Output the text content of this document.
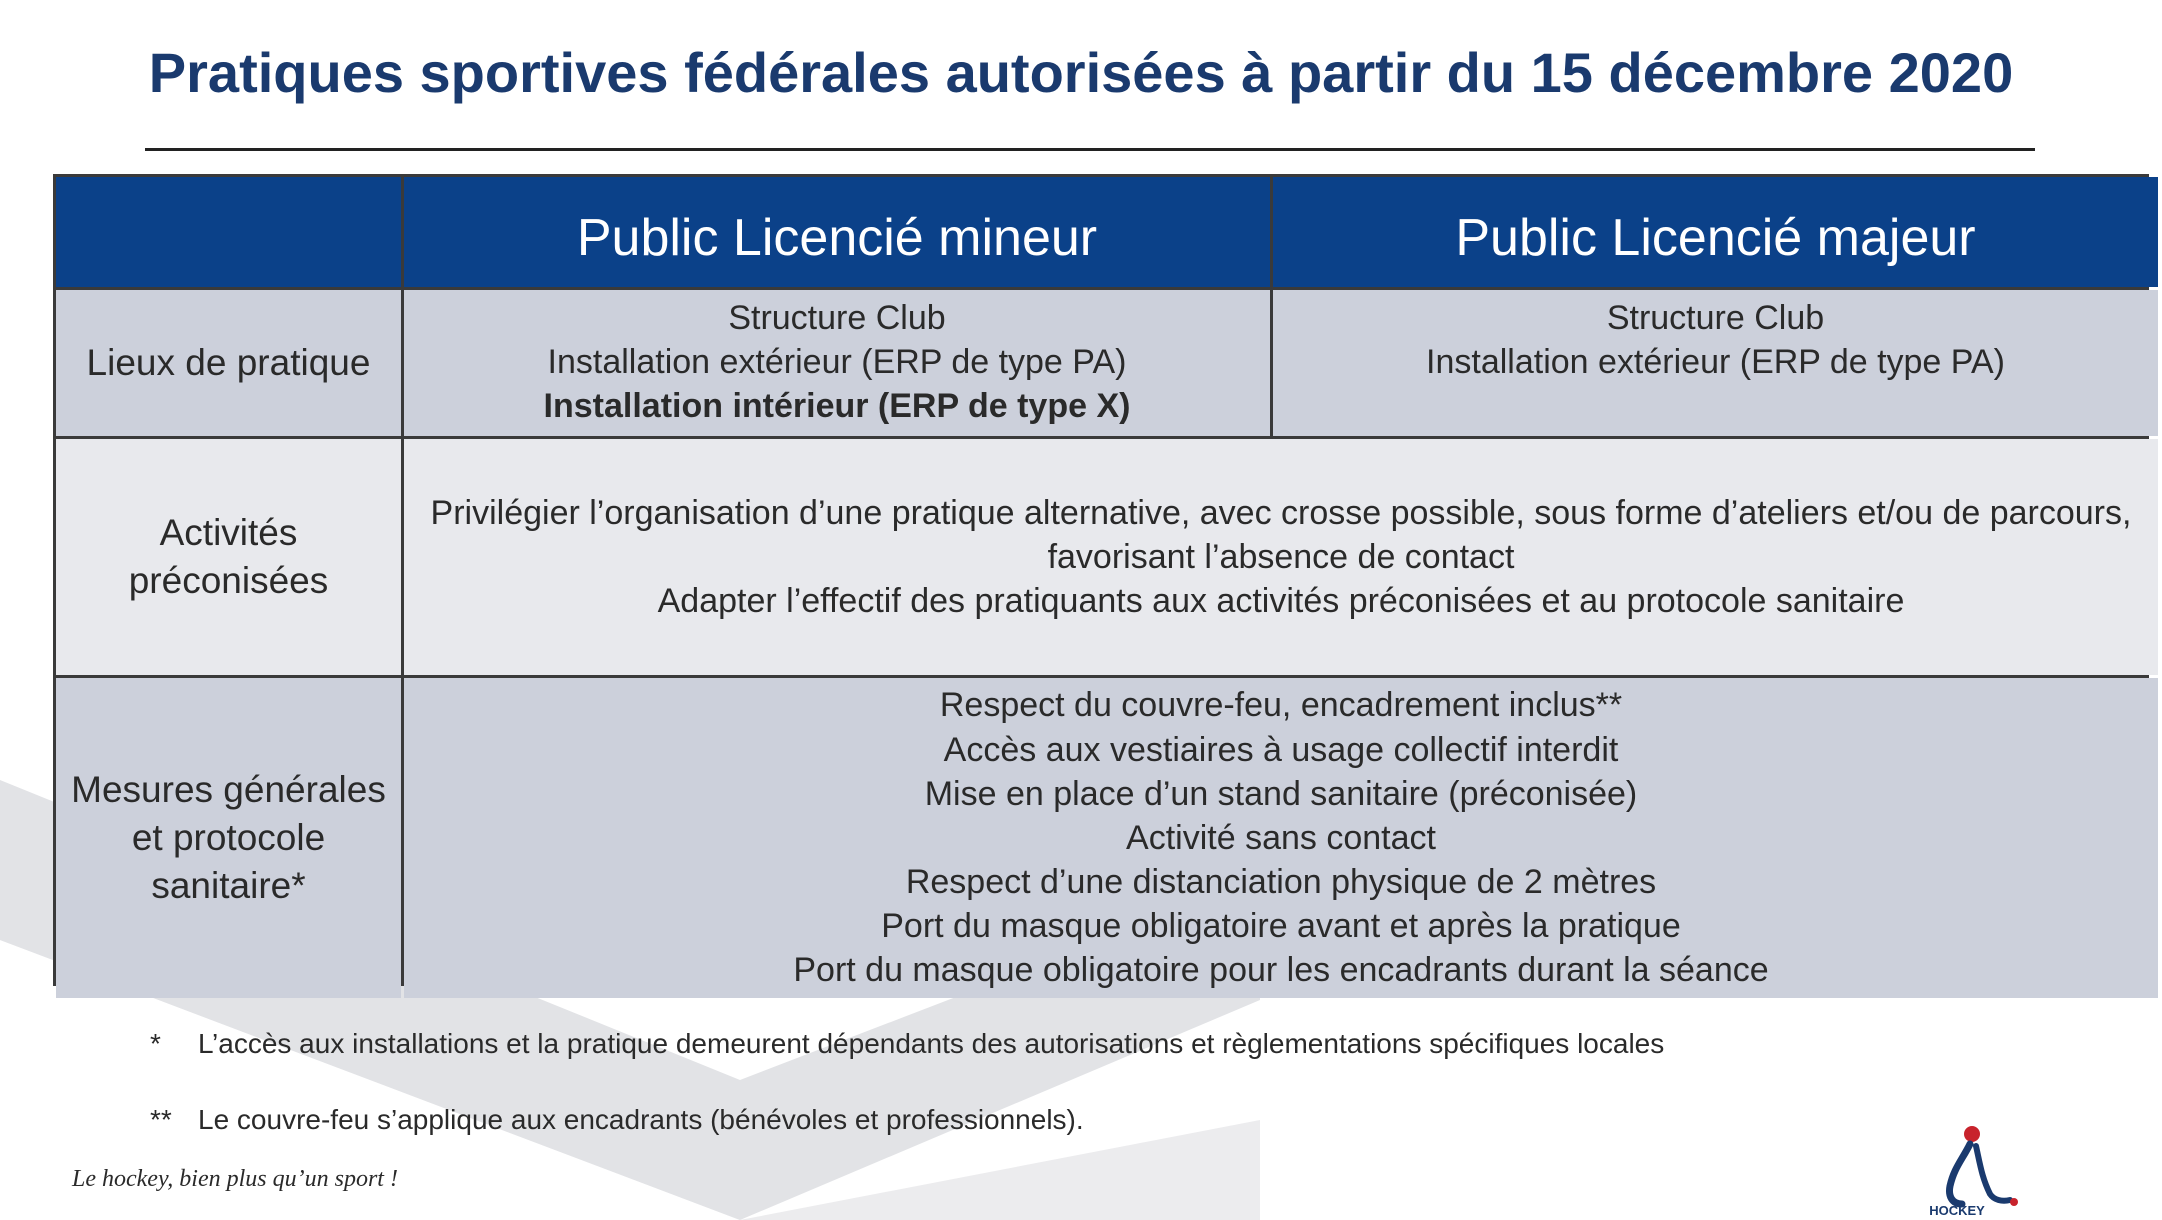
Pratiques sportives fédérales autorisées à partir du 15 décembre 2020
Public Licencié mineur	Public Licencié majeur
Lieux de pratique
Structure Club
Installation extérieur (ERP de type PA)
Installation intérieur (ERP de type X)
Structure Club
Installation extérieur (ERP de type PA)
Activités
préconisées
Privilégier l’organisation d’une pratique alternative, avec crosse possible, sous forme d’ateliers et/ou de parcours,
favorisant l’absence de contact
Adapter l’effectif des pratiquants aux activités préconisées et au protocole sanitaire
Mesures générales
et protocole
sanitaire*
Respect du couvre-feu, encadrement inclus**
Accès aux vestiaires à usage collectif interdit
Mise en place d’un stand sanitaire (préconisée)
Activité sans contact
Respect d’une distanciation physique de 2 mètres
Port du masque obligatoire avant et après la pratique
Port du masque obligatoire pour les encadrants durant la séance
* L’accès aux installations et la pratique demeurent dépendants des autorisations et règlementations spécifiques locales
** Le couvre-feu s’applique aux encadrants (bénévoles et professionnels).
Le hockey, bien plus qu’un sport !
HOCKEY
